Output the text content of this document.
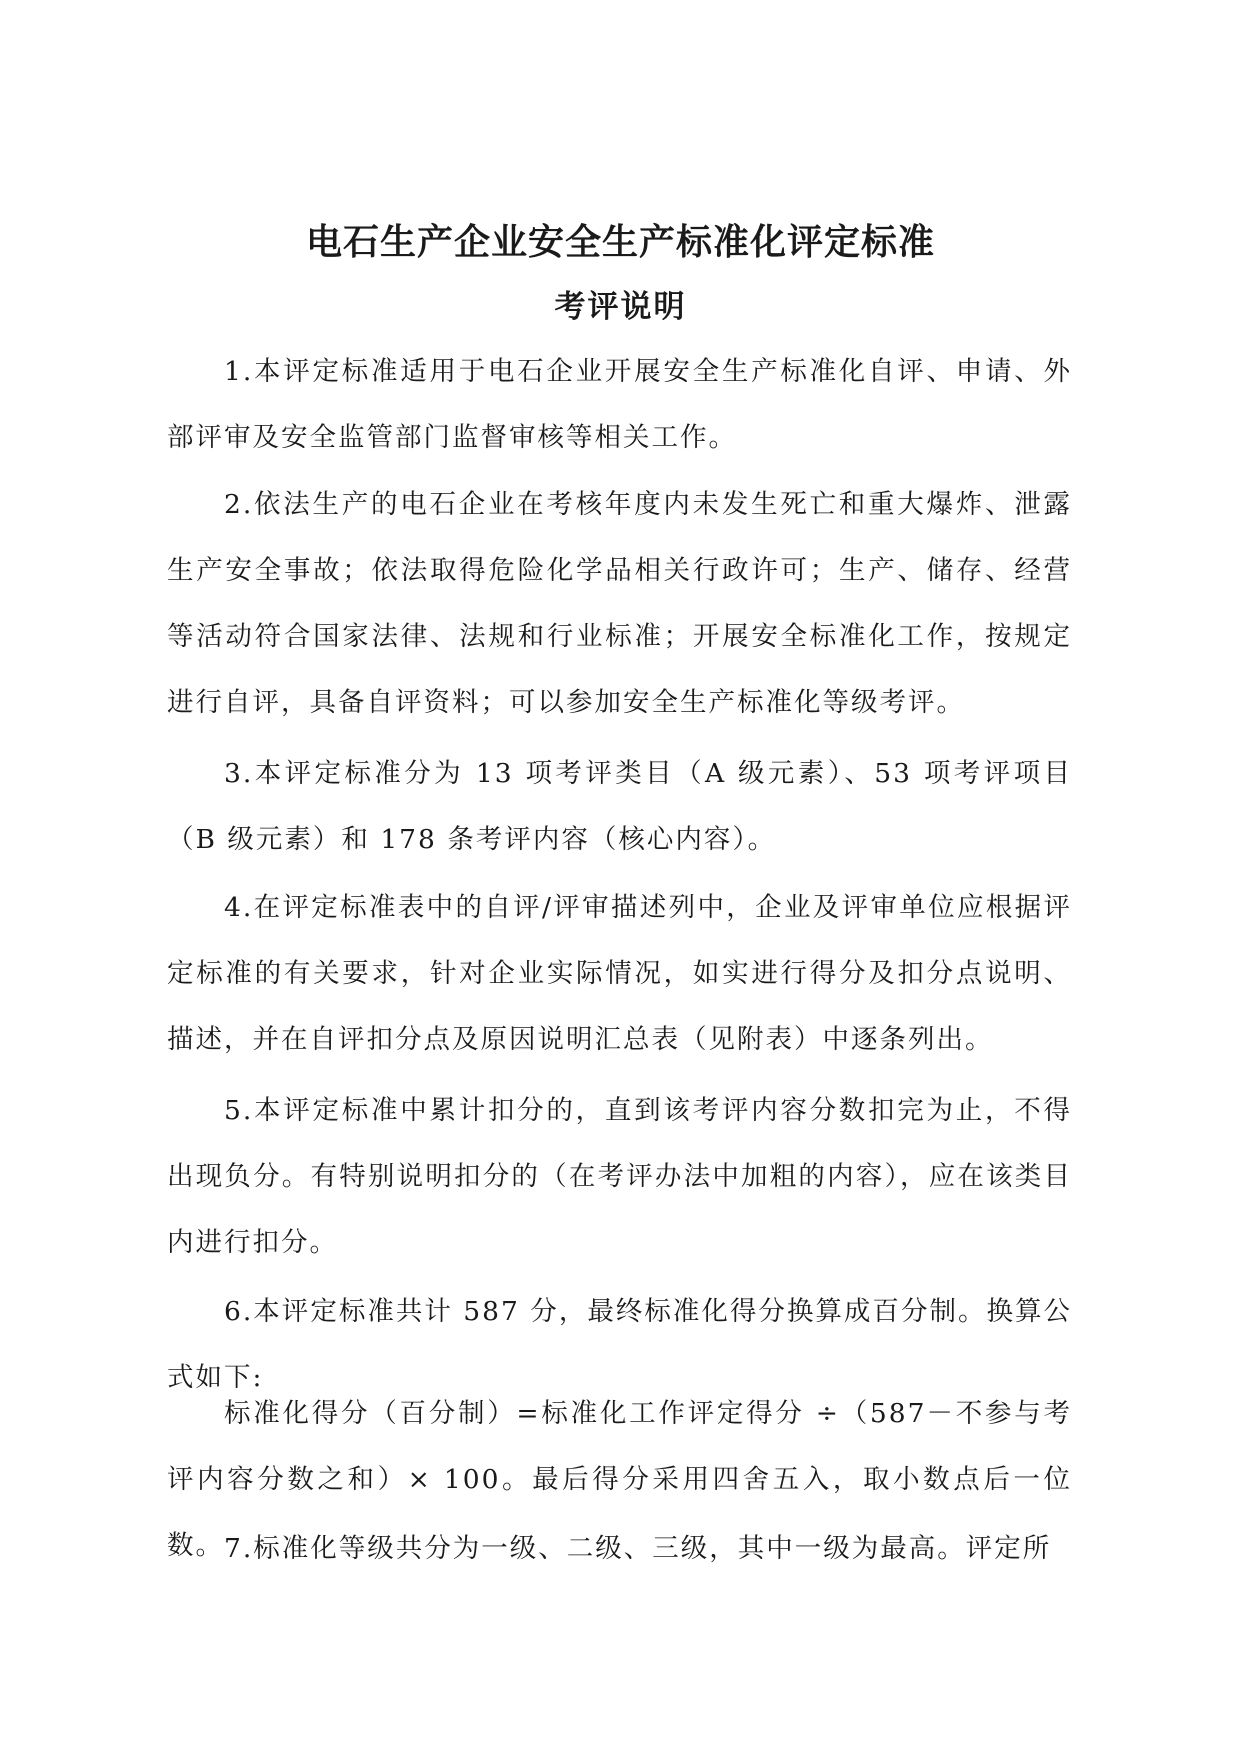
电石生产企业安全生产标准化评定标准
考评说明

1.本评定标准适用于电石企业开展安全生产标准化自评、申请、外部评审及安全监管部门监督审核等相关工作。

2.依法生产的电石企业在考核年度内未发生死亡和重大爆炸、泄露生产安全事故；依法取得危险化学品相关行政许可；生产、储存、经营等活动符合国家法律、法规和行业标准；开展安全标准化工作，按规定进行自评，具备自评资料；可以参加安全生产标准化等级考评。

3.本评定标准分为 13 项考评类目（A 级元素）、53 项考评项目（B 级元素）和 178 条考评内容（核心内容）。

4.在评定标准表中的自评/评审描述列中，企业及评审单位应根据评定标准的有关要求，针对企业实际情况，如实进行得分及扣分点说明、描述，并在自评扣分点及原因说明汇总表（见附表）中逐条列出。

5.本评定标准中累计扣分的，直到该考评内容分数扣完为止，不得出现负分。有特别说明扣分的（在考评办法中加粗的内容），应在该类目内进行扣分。

6.本评定标准共计 587 分，最终标准化得分换算成百分制。换算公式如下:

标准化得分（百分制）=标准化工作评定得分 ÷（587－不参与考评内容分数之和）× 100。最后得分采用四舍五入，取小数点后一位数。 7.标准化等级共分为一级、二级、三级，其中一级为最高。评定所
